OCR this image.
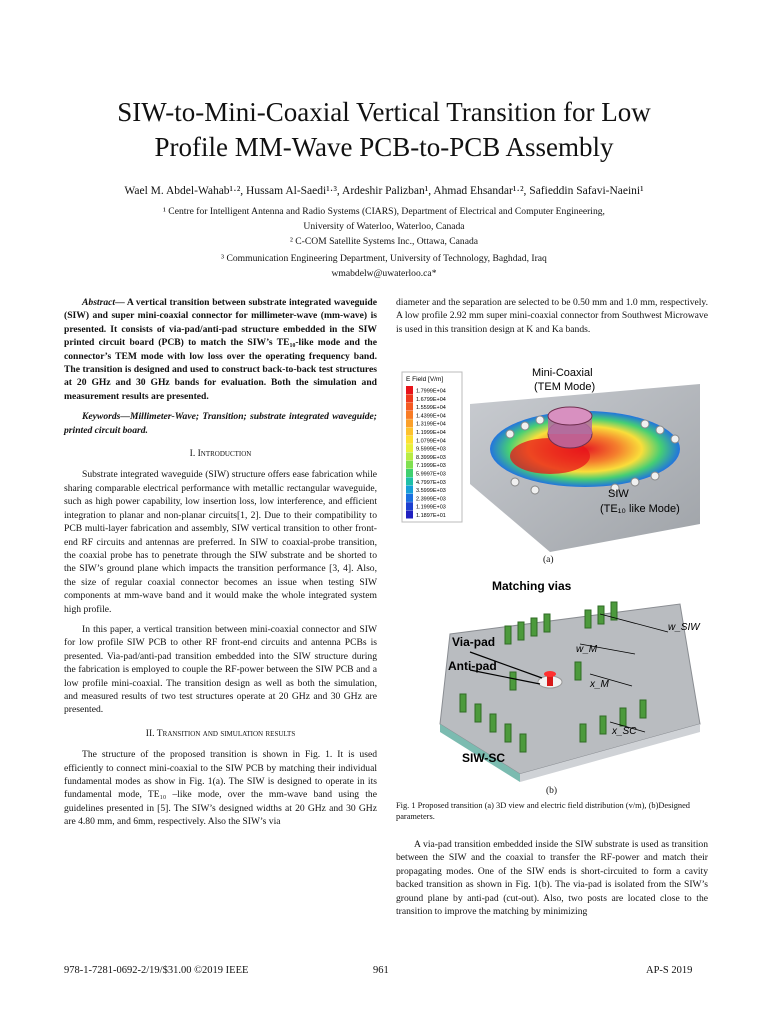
SIW-to-Mini-Coaxial Vertical Transition for Low
Profile MM-Wave PCB-to-PCB Assembly
Wael M. Abdel-Wahab¹·², Hussam Al-Saedi¹·³, Ardeshir Palizban¹, Ahmad Ehsandar¹·², Safieddin Safavi-Naeini¹
¹ Centre for Intelligent Antenna and Radio Systems (CIARS), Department of Electrical and Computer Engineering,
University of Waterloo, Waterloo, Canada
² C-COM Satellite Systems Inc., Ottawa, Canada
³ Communication Engineering Department, University of Technology, Baghdad, Iraq
wmabdelw@uwaterloo.ca*

Abstract— A vertical transition between substrate integrated waveguide (SIW) and super mini-coaxial connector for millimeter-wave (mm-wave) is presented. It consists of via-pad/anti-pad structure embedded in the SIW printed circuit board (PCB) to match the SIW’s TE₁₀-like mode and the connector’s TEM mode with low loss over the operating frequency band. The transition is designed and used to construct back-to-back test structures at 20 GHz and 30 GHz bands for evaluation. Both the simulation and measurement results are presented.

Keywords—Millimeter-Wave; Transition; substrate integrated waveguide; printed circuit board.

I. Introduction

Substrate integrated waveguide (SIW) structure offers ease fabrication while sharing comparable electrical performance with metallic rectangular waveguide, such as high power capability, low insertion loss, low interference, and efficient integration to planar and non-planar circuits[1, 2]. Due to their compatibility to PCB multi-layer fabrication and assembly, SIW vertical transition to other front-end RF circuits and antennas are preferred. In SIW to coaxial-probe transition, the coaxial probe has to penetrate through the SIW substrate and be shorted to the SIW’s ground plane which impacts the transition performance [3, 4]. Also, the size of regular coaxial connector becomes an issue when testing SIW components at mm-wave band and it would make the whole integrated system high profile.

In this paper, a vertical transition between mini-coaxial connector and SIW for low profile SIW PCB to other RF front-end circuits and antenna PCBs is presented. Via-pad/anti-pad transition embedded into the SIW structure during the fabrication is employed to couple the RF-power between the SIW PCB and a low profile mini-coaxial. The transition design as well as both the simulation, and measured results of two test structures operate at 20 GHz and 30 GHz are presented.

II. Transition and simulation results

The structure of the proposed transition is shown in Fig. 1. It is used efficiently to connect mini-coaxial to the SIW PCB by matching their individual fundamental modes as show in Fig. 1(a). The SIW is designed to operate in its fundamental mode, TE₁₀ –like mode, over the mm-wave band using the guidelines presented in [5]. The SIW’s designed widths at 20 GHz and 30 GHz are 4.80 mm, and 6mm, respectively. Also the SIW’s via

diameter and the separation are selected to be 0.50 mm and 1.0 mm, respectively. A low profile 2.92 mm super mini-coaxial connector from Southwest Microwave is used in this transition design at K and Ka bands.

E Field [V/m]
1.7999E+04
1.6799E+04
1.5599E+04
1.4399E+04
1.3199E+04
1.1999E+04
1.0799E+04
9.5999E+03
8.3999E+03
7.1999E+03
5.9997E+03
4.7997E+03
3.5999E+03
2.3999E+03
1.1999E+03
1.1897E+01
Mini-Coaxial
(TEM Mode)
SIW
(TE₁₀ like Mode)
(a)
Matching vias
Via-pad
Anti-pad
SIW-SC
w_SIW
w_M
x_M
x_SC
(b)
Fig. 1 Proposed transition (a) 3D view and electric field distribution (v/m), (b)Designed parameters.

A via-pad transition embedded inside the SIW substrate is used as transition between the SIW and the coaxial to transfer the RF-power and match their propagating modes. One of the SIW ends is short-circuited to form a cavity backed transition as shown in Fig. 1(b). The via-pad is isolated from the SIW’s ground plane by anti-pad (cut-out). Also, two posts are located close to the transition to improve the matching by minimizing

978-1-7281-0692-2/19/$31.00 ©2019 IEEE	961	AP-S 2019
